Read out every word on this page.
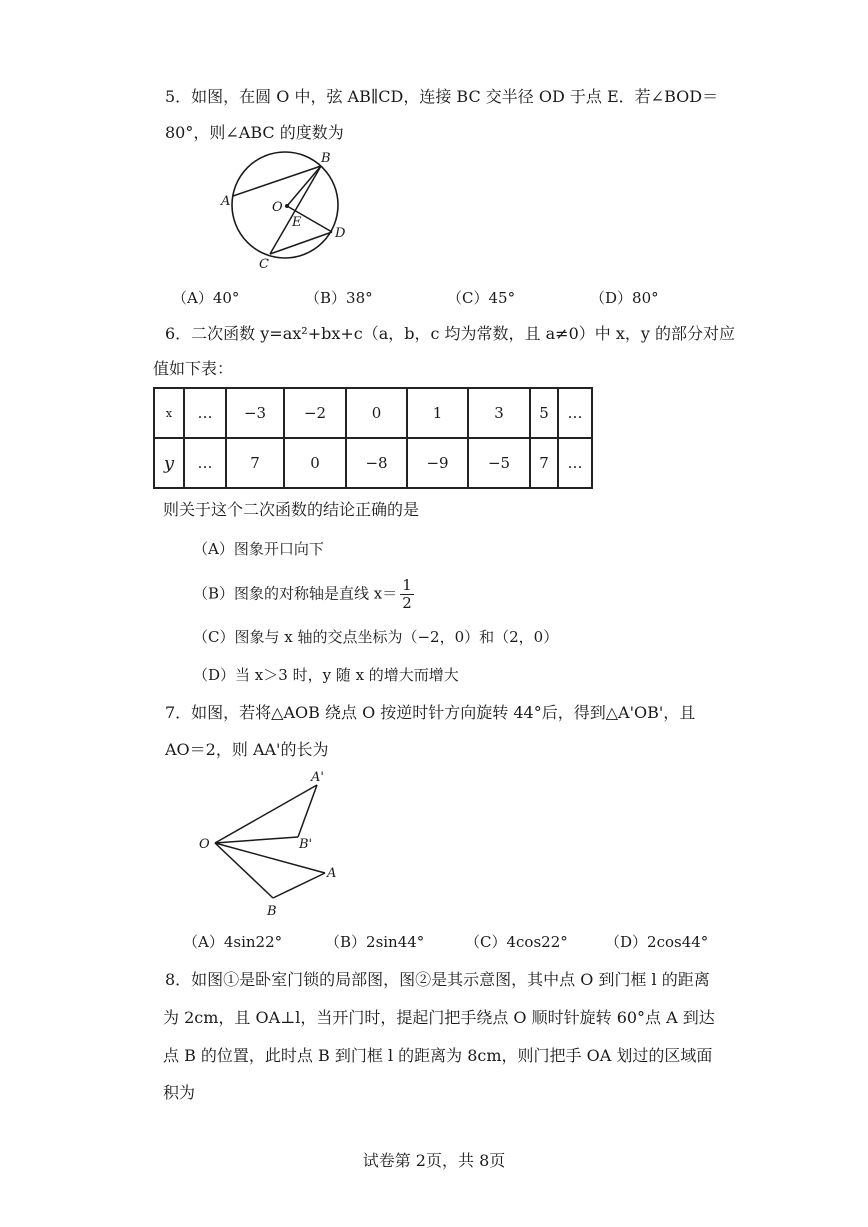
5．如图，在圆 O 中，弦 AB∥CD，连接 BC 交半径 OD 于点 E．若∠BOD＝
80°，则∠ABC 的度数为
B
A	O
E
D
C
（A）40°	（B）38°	（C）45°	（D）80°
6．二次函数 y=ax²+bx+c（a，b，c 均为常数，且 a≠0）中 x，y 的部分对应
值如下表：
x	…	−3	−2	0	1	3	5	…
y	…	7	0	−8	−9	−5	7	…
则关于这个二次函数的结论正确的是
（A）图象开口向下
（B）图象的对称轴是直线 $x= \frac{1}{2}$
（C）图象与 x 轴的交点坐标为（−2，0）和（2，0）
（D）当 x＞3 时，y 随 x 的增大而增大
7．如图，若将△AOB 绕点 O 按逆时针方向旋转 44°后，得到△A'OB'，且
AO＝2，则 AA'的长为
A'
B'
O
A
B
（A）4sin22°	（B）2sin44°	（C）4cos22° （D）2cos44°
8．如图①是卧室门锁的局部图，图②是其示意图，其中点 O 到门框 l 的距离
为 2cm，且 OA⊥l，当开门时，提起门把手绕点 O 顺时针旋转 60°点 A 到达
点 B 的位置，此时点 B 到门框 l 的距离为 8cm，则门把手 OA 划过的区域面
积为
试卷第 2页，共 8页
